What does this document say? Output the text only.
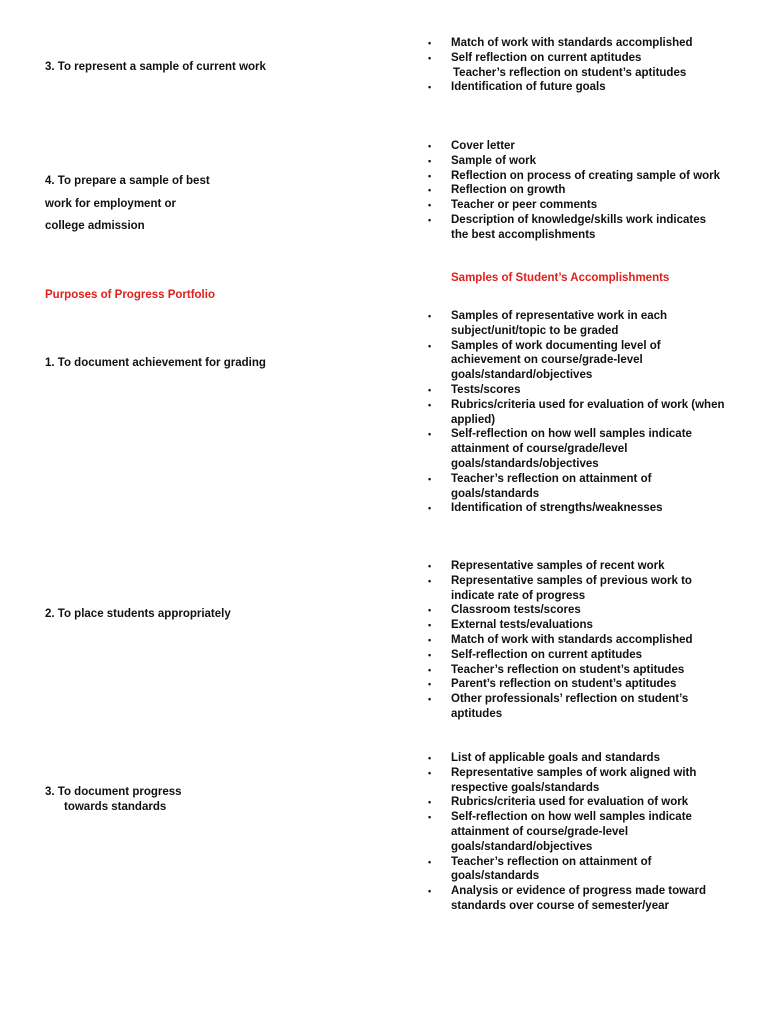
3. To represent a sample of current work
4. To prepare a sample of best
work for employment or
college admission
Purposes of Progress Portfolio
1. To document achievement for grading
2. To place students appropriately
3. To document progress
towards standards
• Match of work with standards accomplished
• Self reflection on current aptitudes
Teacher’s reflection on student’s aptitudes
• Identification of future goals
• Cover letter
• Sample of work
• Reflection on process of creating sample of work
• Reflection on growth
• Teacher or peer comments
• Description of knowledge/skills work indicates the best accomplishments
Samples of Student’s Accomplishments
• Samples of representative work in each subject/unit/topic to be graded
• Samples of work documenting level of achievement on course/grade-level goals/standard/objectives
• Tests/scores
• Rubrics/criteria used for evaluation of work (when applied)
• Self-reflection on how well samples indicate attainment of course/grade/level goals/standards/objectives
• Teacher’s reflection on attainment of goals/standards
• Identification of strengths/weaknesses
• Representative samples of recent work
• Representative samples of previous work to indicate rate of progress
• Classroom tests/scores
• External tests/evaluations
• Match of work with standards accomplished
• Self-reflection on current aptitudes
• Teacher’s reflection on student’s aptitudes
• Parent’s reflection on student’s aptitudes
• Other professionals’ reflection on student’s aptitudes
• List of applicable goals and standards
• Representative samples of work aligned with respective goals/standards
• Rubrics/criteria used for evaluation of work
• Self-reflection on how well samples indicate attainment of course/grade-level goals/standard/objectives
• Teacher’s reflection on attainment of goals/standards
• Analysis or evidence of progress made toward standards over course of semester/year
